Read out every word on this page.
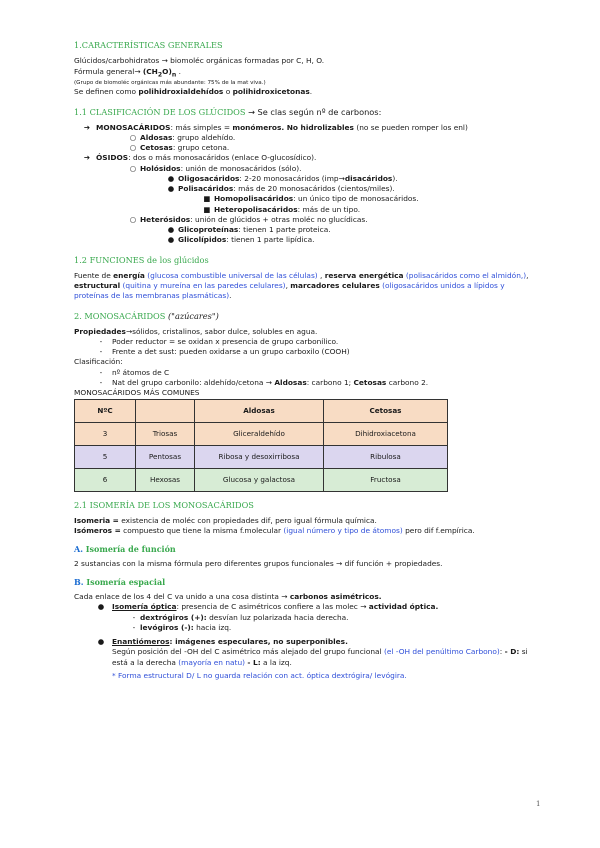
1.CARACTERÍSTICAS GENERALES

Glúcidos/carbohidratos → biomoléc orgánicas formadas por C, H, O.

Fórmula general→ $(CH_2O)_n$ .

(Grupo de biomoléc orgánicas más abundante: 75% de la mat viva.)

Se definen como polihidroxialdehídos o polihidroxicetonas.

1.1 CLASIFICACIÓN DE LOS GLÚCIDOS → Se clas según nº de carbonos:

➔ MONOSACÁRIDOS: más simples = monómeros. No hidrolizables (no se pueden romper los enl)
○ Aldosas: grupo aldehído.
○ Cetosas: grupo cetona.
➔ ÓSIDOS: dos o más monosacáridos (enlace O-glucosídico).
○ Holósidos: unión de monosacáridos (sólo).
● Oligosacáridos: 2-20 monosacáridos (imp→disacáridos).
● Polisacáridos: más de 20 monosacáridos (cientos/miles).
■ Homopolisacáridos: un único tipo de monosacáridos.
■ Heteropolisacáridos: más de un tipo.
○ Heterósidos: unión de glúcidos + otras moléc no glucídicas.
● Glicoproteínas: tienen 1 parte proteica.
● Glicolípidos: tienen 1 parte lipídica.

1.2 FUNCIONES de los glúcidos

Fuente de energía (glucosa combustible universal de las células) , reserva energética (polisacáridos como el almidón,), estructural (quitina y mureína en las paredes celulares), marcadores celulares (oligosacáridos unidos a lípidos y proteínas de las membranas plasmáticas).

2. MONOSACÁRIDOS ("azúcares")

Propiedades→sólidos, cristalinos, sabor dulce, solubles en agua.

-	Poder reductor = se oxidan x presencia de grupo carbonílico.
-	Frente a det sust: pueden oxidarse a un grupo carboxilo (COOH)

Clasificación:

-	nº átomos de C
-	Nat del grupo carbonilo: aldehído/cetona → Aldosas: carbono 1; Cetosas carbono 2.

MONOSACÁRIDOS MÁS COMUNES

NºC		Aldosas	Cetosas
3	Triosas	Gliceraldehído	Dihidroxiacetona
5	Pentosas	Ribosa y desoxirribosa	Ribulosa
6	Hexosas	Glucosa y galactosa	Fructosa

2.1 ISOMERÍA DE LOS MONOSACÁRIDOS

Isomeria = existencia de moléc con propiedades dif, pero igual fórmula química.

Isómeros = compuesto que tiene la misma f.molecular (igual número y tipo de átomos) pero dif f.empírica.

A. Isomería de función

2 sustancias con la misma fórmula pero diferentes grupos funcionales → dif función + propiedades.

B. Isomería espacial

Cada enlace de los 4 del C va unido a una cosa distinta → carbonos asimétricos.

●	Isomería óptica: presencia de C asimétricos confiere a las molec → actividad óptica.
- dextrógiros (+): desvían luz polarizada hacia derecha.
- levógiros (-): hacia izq.
●	Enantiómeros: imágenes especulares, no superponibles.

Según posición del -OH del C asimétrico más alejado del grupo funcional (el -OH del penúltimo Carbono): - D: si está a la derecha (mayoría en natu) - L: a la izq.

* Forma estructural D/ L no guarda relación con act. óptica dextrógira/ levógira.

1
